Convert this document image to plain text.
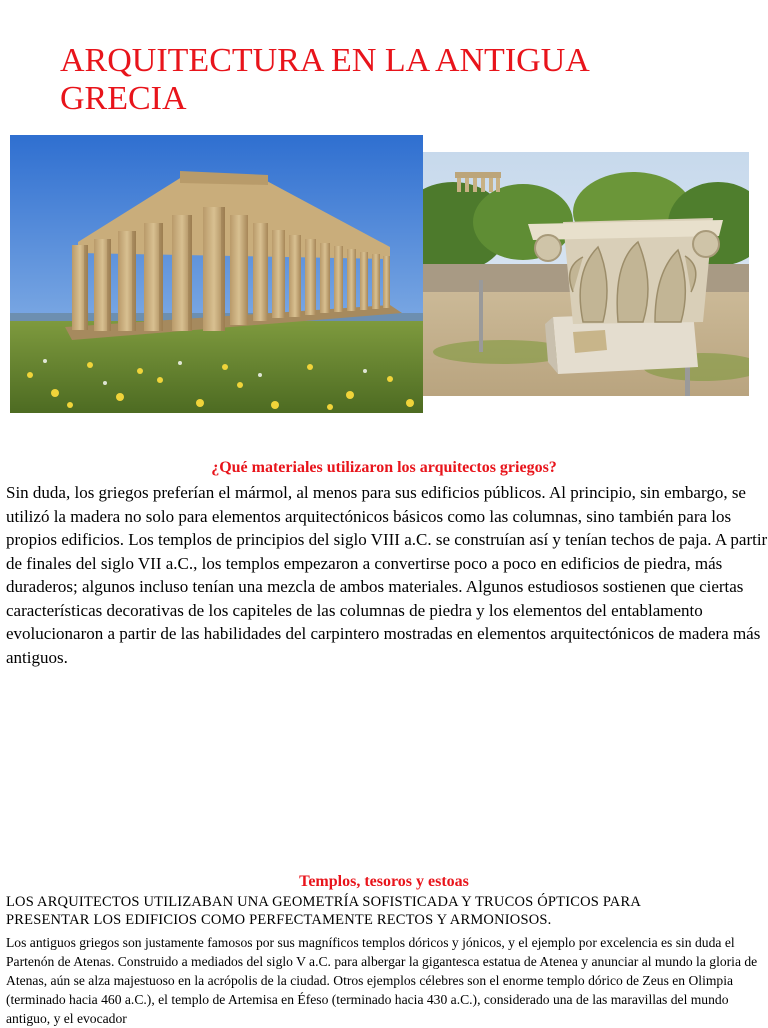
ARQUITECTURA EN LA ANTIGUA
GRECIA
¿Qué materiales utilizaron los arquitectos griegos?

Sin duda, los griegos preferían el mármol, al menos para sus edificios públicos. Al principio, sin embargo, se utilizó la madera no solo para elementos arquitectónicos básicos como las columnas, sino también para los propios edificios. Los templos de principios del siglo VIII a.C. se construían así y tenían techos de paja. A partir de finales del siglo VII a.C., los templos empezaron a convertirse poco a poco en edificios de piedra, más duraderos; algunos incluso tenían una mezcla de ambos materiales. Algunos estudiosos sostienen que ciertas características decorativas de los capiteles de las columnas de piedra y los elementos del entablamento evolucionaron a partir de las habilidades del carpintero mostradas en elementos arquitectónicos de madera más antiguos.

Templos, tesoros y estoas

LOS ARQUITECTOS UTILIZABAN UNA GEOMETRÍA SOFISTICADA Y TRUCOS ÓPTICOS PARA
PRESENTAR LOS EDIFICIOS COMO PERFECTAMENTE RECTOS Y ARMONIOSOS.

Los antiguos griegos son justamente famosos por sus magníficos templos dóricos y jónicos, y el ejemplo por excelencia es sin duda el Partenón de Atenas. Construido a mediados del siglo V a.C. para albergar la gigantesca estatua de Atenea y anunciar al mundo la gloria de Atenas, aún se alza majestuoso en la acrópolis de la ciudad. Otros ejemplos célebres son el enorme templo dórico de Zeus en Olimpia (terminado hacia 460 a.C.), el templo de Artemisa en Éfeso (terminado hacia 430 a.C.), considerado una de las maravillas del mundo antiguo, y el evocador
